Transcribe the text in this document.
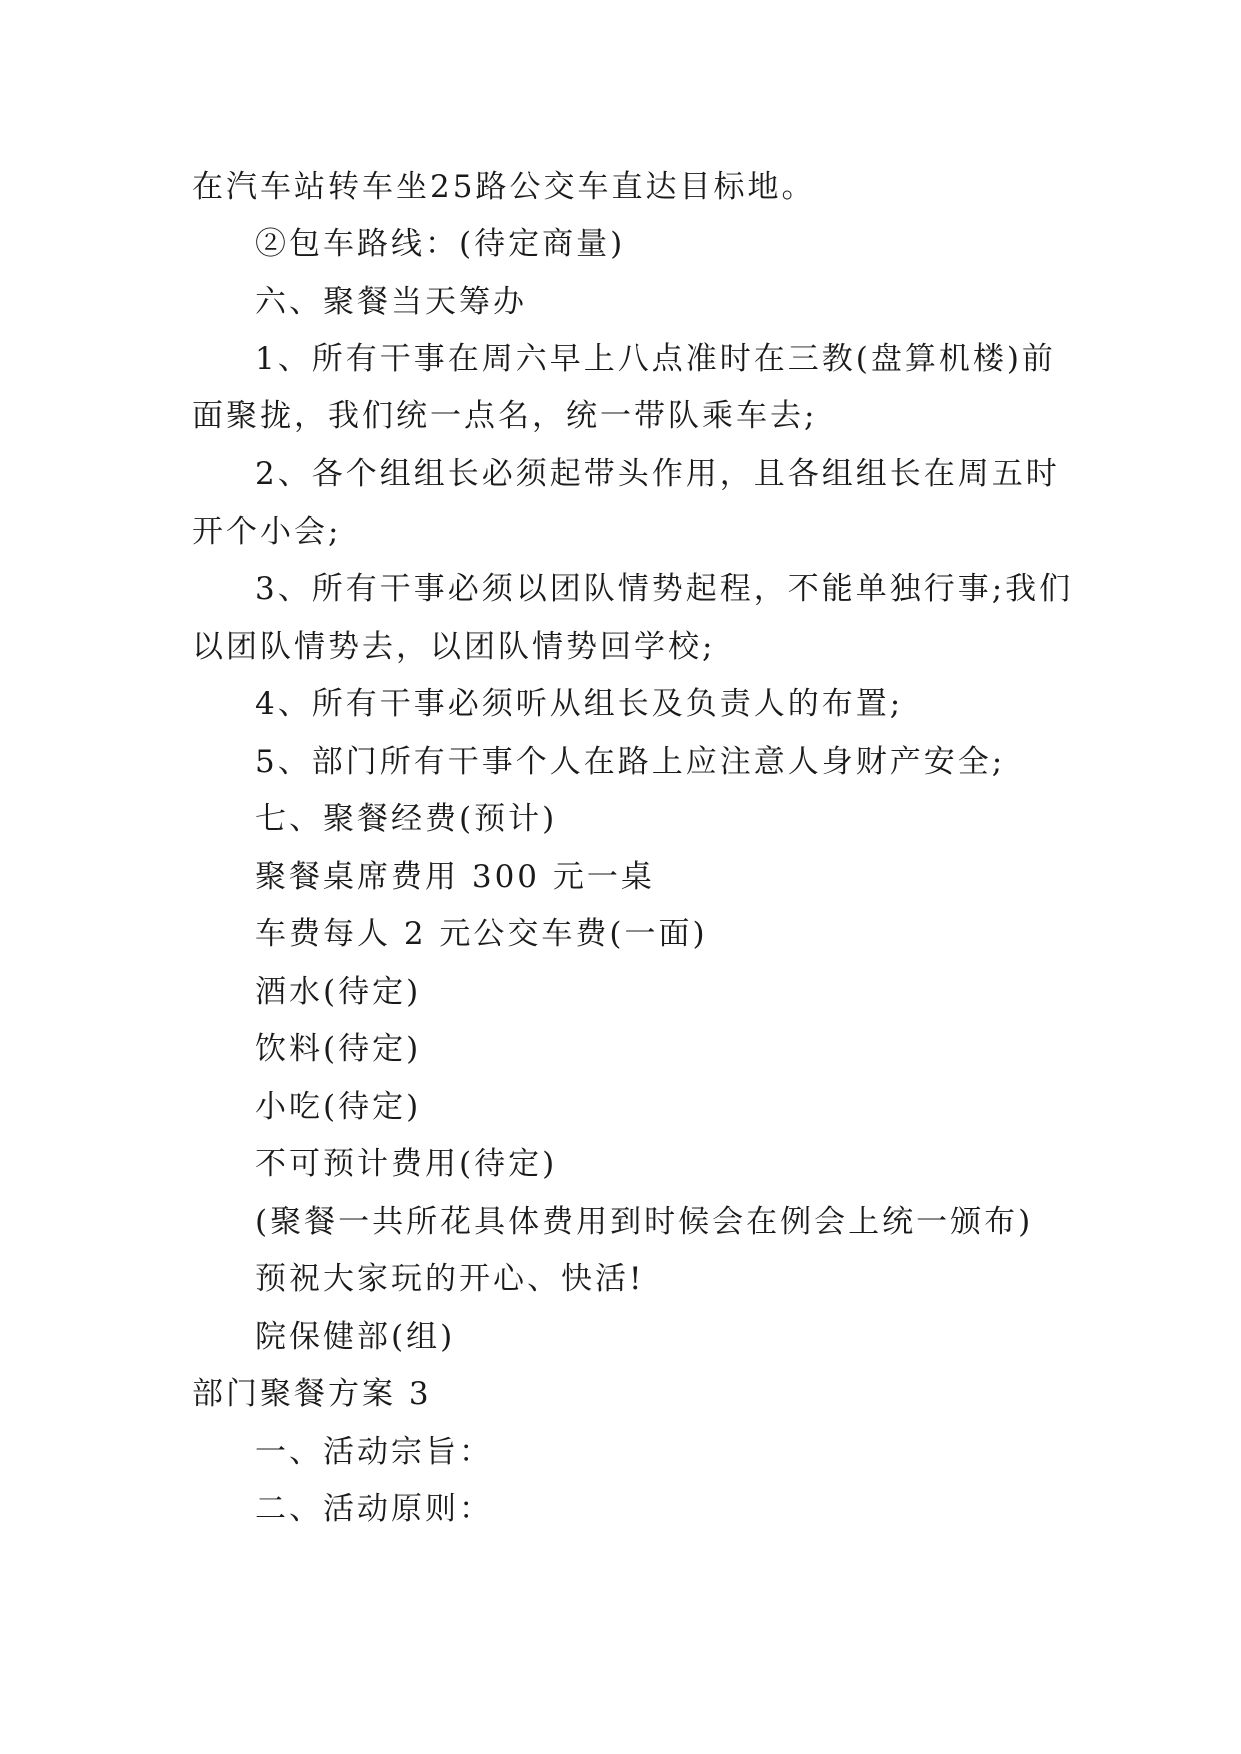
在汽车站转车坐25路公交车直达目标地。
②包车路线：(待定商量)
六、聚餐当天筹办
1、所有干事在周六早上八点准时在三教(盘算机楼)前
面聚拢，我们统一点名，统一带队乘车去;
2、各个组组长必须起带头作用，且各组组长在周五时
开个小会;
3、所有干事必须以团队情势起程，不能单独行事;我们
以团队情势去，以团队情势回学校;
4、所有干事必须听从组长及负责人的布置;
5、部门所有干事个人在路上应注意人身财产安全;
七、聚餐经费(预计)
聚餐桌席费用 300 元一桌
车费每人 2 元公交车费(一面)
酒水(待定)
饮料(待定)
小吃(待定)
不可预计费用(待定)
(聚餐一共所花具体费用到时候会在例会上统一颁布)
预祝大家玩的开心、快活!
院保健部(组)
部门聚餐方案 3
一、活动宗旨：
二、活动原则：
